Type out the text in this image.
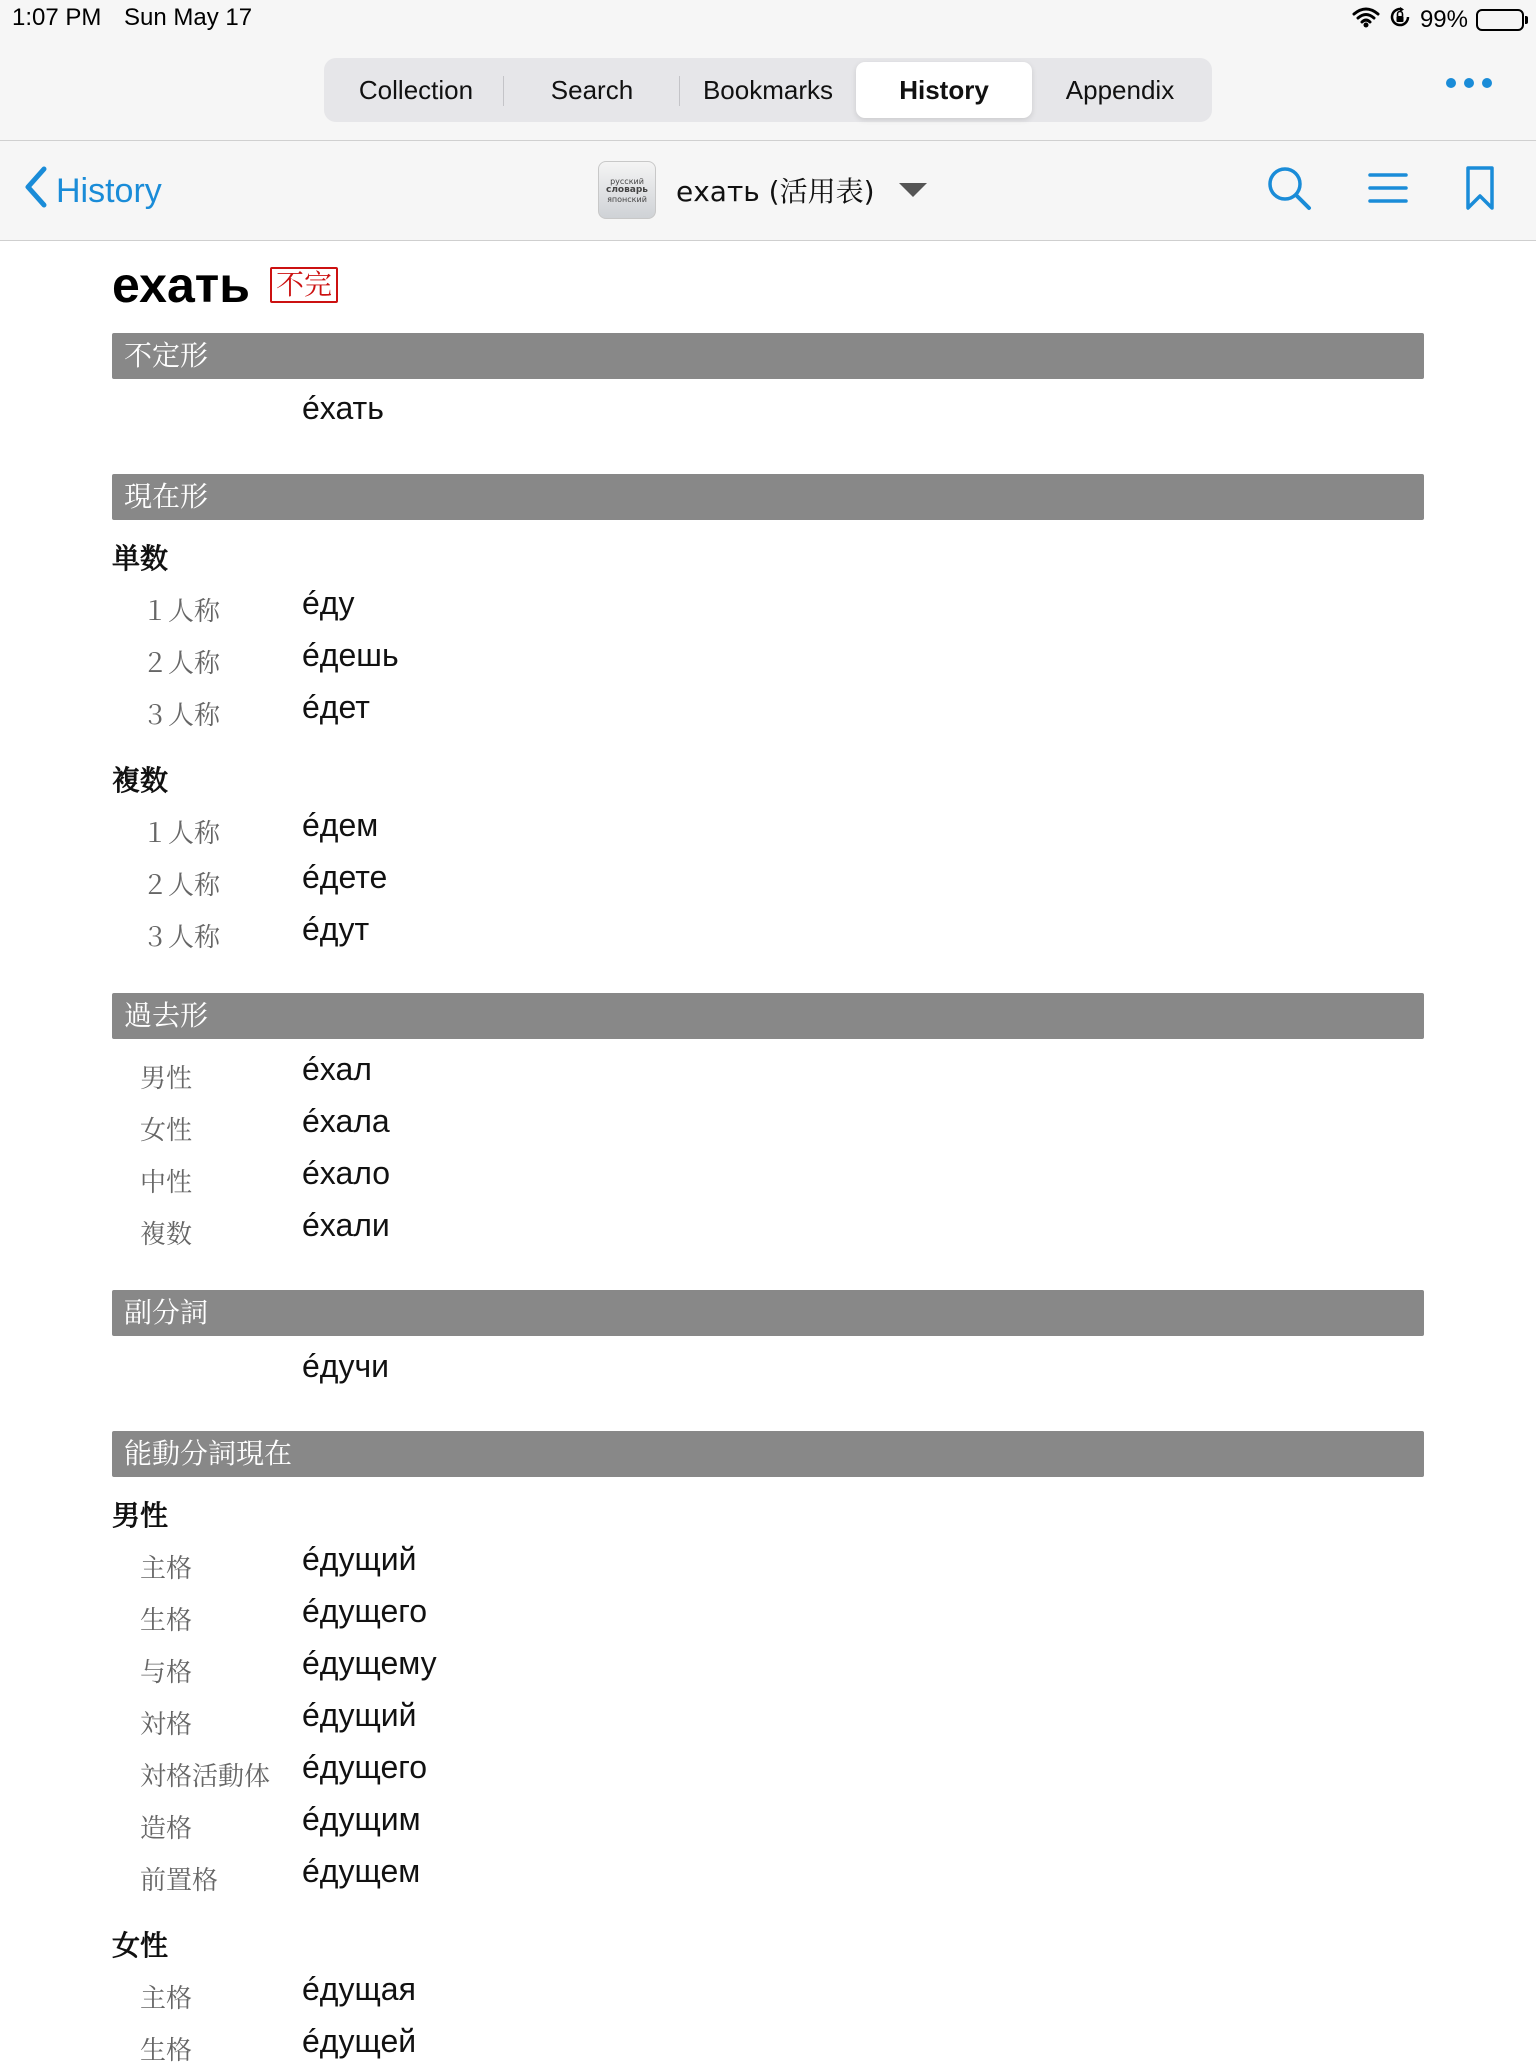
1:07 PM Sun May 17	99%
Collection	Search	Bookmarks	History	Appendix
History	русский
словарь
японский ехать (活用表)
ехать 不完
不定形
éхать
現在形
単数
１人称	éду
２人称	éдешь
３人称	éдет
複数
１人称	éдем
２人称	éдете
３人称	éдут
過去形
男性	éхал
女性	éхала
中性	éхало
複数	éхали
副分詞
éдучи
能動分詞現在
男性
主格	éдущий
生格	éдущего
与格	éдущему
対格	éдущий
対格活動体 éдущего
造格	éдущим
前置格	éдущем
女性
主格	éдущая
生格	éдущей
